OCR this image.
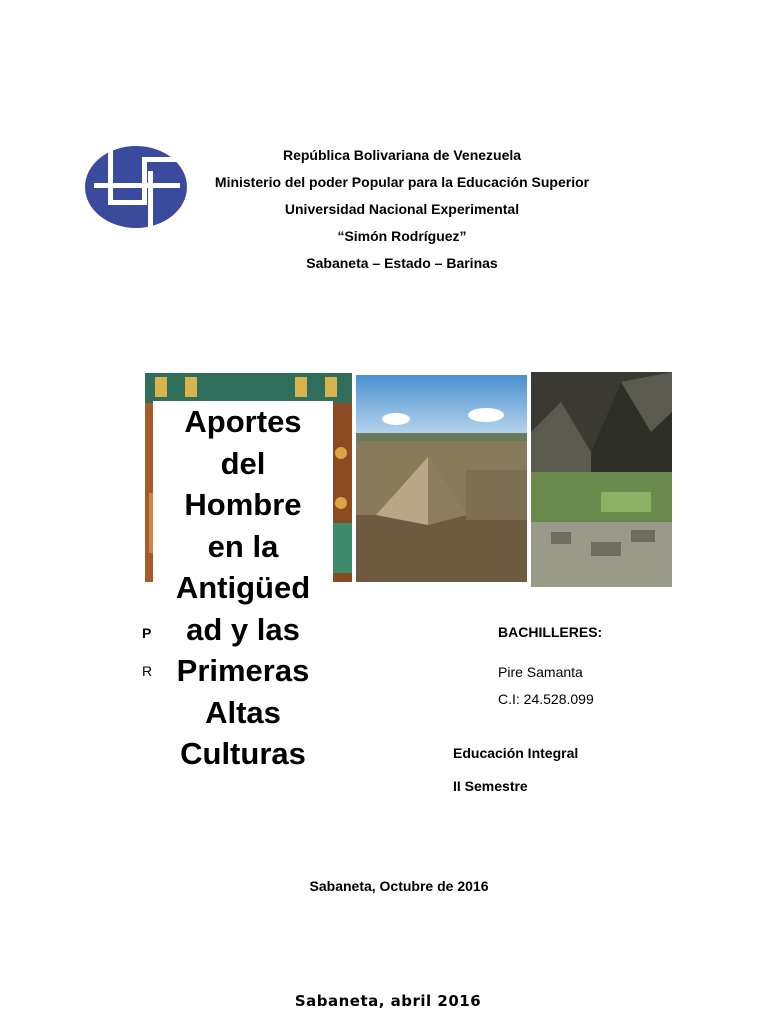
República Bolivariana de Venezuela
Ministerio del poder Popular para la Educación Superior
Universidad Nacional Experimental
“Simón Rodríguez”
Sabaneta – Estado – Barinas
P
R
Aportes
del
Hombre
en la
Antigüed
ad y las
Primeras
Altas
Culturas
BACHILLERES:
Pire Samanta
C.I: 24.528.099
Educación Integral
II Semestre
Sabaneta, Octubre de 2016
Sabaneta, abril 2016
